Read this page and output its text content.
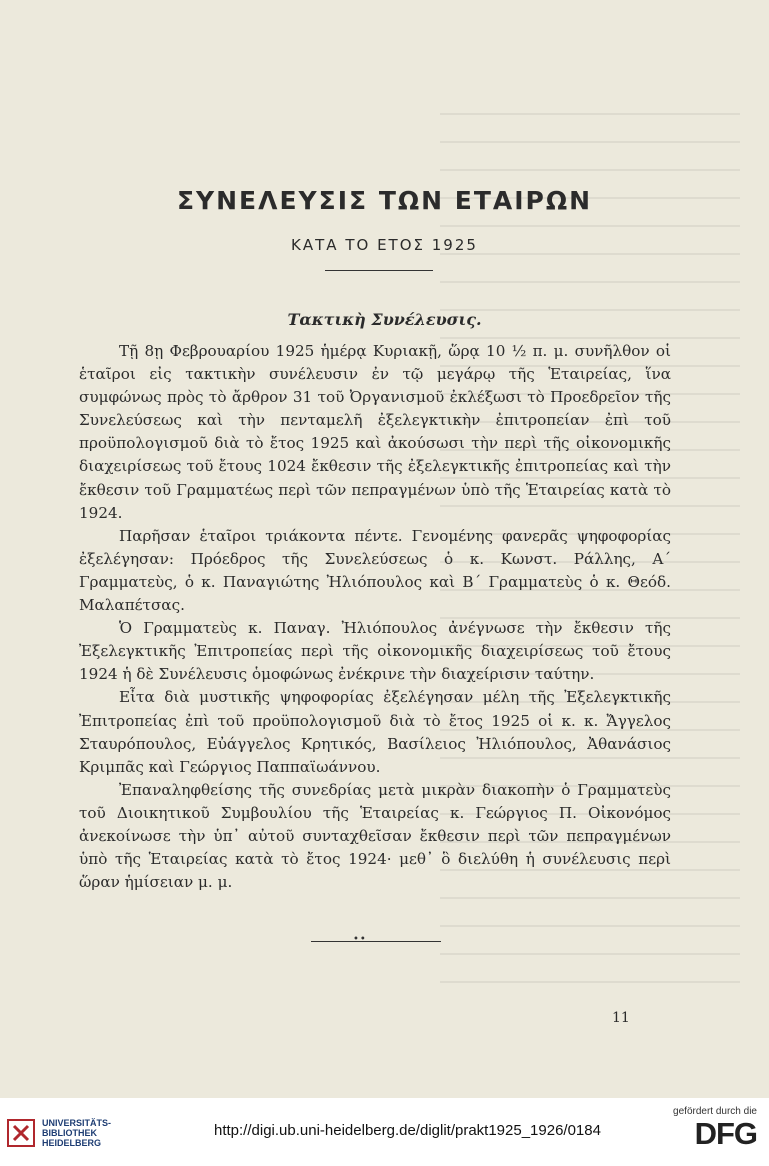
ΣΥΝΕΛΕΥΣΙΣ ΤΩΝ ΕΤΑΙΡΩΝ
ΚΑΤΑ ΤΟ ΕΤΟΣ 1925
Τακτικὴ Συνέλευσις.

Τῇ 8ῃ Φεβρουαρίου 1925 ἡμέρᾳ Κυριακῇ, ὥρᾳ 10 ½ π. μ. συνῆλθον οἱ ἑταῖροι εἰς τακτικὴν συνέλευσιν ἐν τῷ μεγάρῳ τῆς Ἑταιρείας, ἵνα συμφώνως πρὸς τὸ ἄρθρον 31 τοῦ Ὀργανισμοῦ ἐκλέξωσι τὸ Προεδρεῖον τῆς Συνελεύσεως καὶ τὴν πενταμελῆ ἐξελεγκτικὴν ἐπιτροπείαν ἐπὶ τοῦ προϋπολογισμοῦ διὰ τὸ ἔτος 1925 καὶ ἀκούσωσι τὴν περὶ τῆς οἰκονομικῆς διαχειρίσεως τοῦ ἔτους 1024 ἔκθεσιν τῆς ἐξελεγκτικῆς ἐπιτροπείας καὶ τὴν ἔκθεσιν τοῦ Γραμματέως περὶ τῶν πεπραγμένων ὑπὸ τῆς Ἑταιρείας κατὰ τὸ 1924.

Παρῆσαν ἑταῖροι τριάκοντα πέντε. Γενομένης φανερᾶς ψηφοφορίας ἐξελέγησαν: Πρόεδρος τῆς Συνελεύσεως ὁ κ. Κωνστ. Ράλλης, Α΄ Γραμματεὺς, ὁ κ. Παναγιώτης Ἠλιόπουλος καὶ Β΄ Γραμματεὺς ὁ κ. Θεόδ. Μαλαπέτσας.

Ὁ Γραμματεὺς κ. Παναγ. Ἠλιόπουλος ἀνέγνωσε τὴν ἔκθεσιν τῆς Ἐξελεγκτικῆς Ἐπιτροπείας περὶ τῆς οἰκονομικῆς διαχειρίσεως τοῦ ἔτους 1924 ἡ δὲ Συνέλευσις ὁμοφώνως ἐνέκρινε τὴν διαχείρισιν ταύτην.

Εἶτα διὰ μυστικῆς ψηφοφορίας ἐξελέγησαν μέλη τῆς Ἐξελεγκτικῆς Ἐπιτροπείας ἐπὶ τοῦ προϋπολογισμοῦ διὰ τὸ ἔτος 1925 οἱ κ. κ. Ἄγγελος Σταυρόπουλος, Εὐάγγελος Κρητικός, Βασίλειος Ἠλιόπουλος, Ἀθανάσιος Κριμπᾶς καὶ Γεώργιος Παππαϊωάννου.

Ἐπαναληφθείσης τῆς συνεδρίας μετὰ μικρὰν διακοπὴν ὁ Γραμματεὺς τοῦ Διοικητικοῦ Συμβουλίου τῆς Ἑταιρείας κ. Γεώργιος Π. Οἰκονόμος ἀνεκοίνωσε τὴν ὑπ᾽ αὐτοῦ συνταχθεῖσαν ἔκθεσιν περὶ τῶν πεπραγμένων ὑπὸ τῆς Ἑταιρείας κατὰ τὸ ἔτος 1924· μεθ᾽ ὃ διελύθη ἡ συνέλευσις περὶ ὥραν ἡμίσειαν μ. μ.

••
11
UNIVERSITÄTS-
BIBLIOTHEK
HEIDELBERG
http://digi.ub.uni-heidelberg.de/diglit/prakt1925_1926/0184
gefördert durch die
DFG
